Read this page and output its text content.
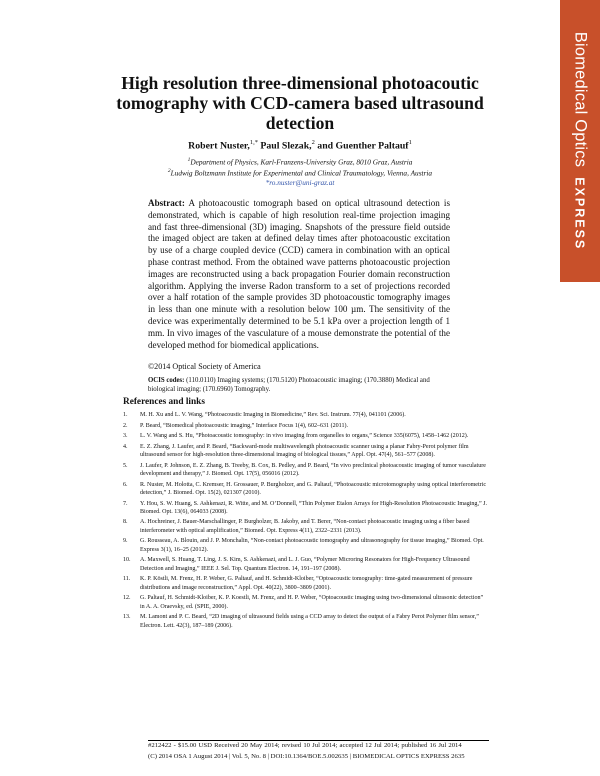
Biomedical OpticsEXPRESS
High resolution three-dimensional photoacoutic tomography with CCD-camera based ultrasound detection
Robert Nuster,$^{1,*}$ Paul Slezak,$^2$ and Guenther Paltauf$^1$
$^1$Department of Physics, Karl-Franzens-University Graz, 8010 Graz, Austria
$^2$Ludwig Boltzmann Institute for Experimental and Clinical Traumatology, Vienna, Austria
*ro.nuster@uni-graz.at
Abstract: A photoacoustic tomograph based on optical ultrasound detection is demonstrated, which is capable of high resolution real-time projection imaging and fast three-dimensional (3D) imaging. Snapshots of the pressure field outside the imaged object are taken at defined delay times after photoacoustic excitation by use of a charge coupled device (CCD) camera in combination with an optical phase contrast method. From the obtained wave patterns photoacoustic projection images are reconstructed using a back propagation Fourier domain reconstruction algorithm. Applying the inverse Radon transform to a set of projections recorded over a half rotation of the sample provides 3D photoacoustic tomography images in less than one minute with a resolution below 100 µm. The sensitivity of the device was experimentally determined to be 5.1 kPa over a projection length of 1 mm. In vivo images of the vasculature of a mouse demonstrate the potential of the developed method for biomedical applications.
©2014 Optical Society of America
OCIS codes: (110.0110) Imaging systems; (170.5120) Photoacoustic imaging; (170.3880) Medical and biological imaging; (170.6960) Tomography.
References and links
1.	M. H. Xu and L. V. Wang, “Photoacoustic Imaging in Biomedicine,” Rev. Sci. Instrum. 77(4), 041101 (2006).
2.	P. Beard, “Biomedical photoacoustic imaging,” Interface Focus 1(4), 602–631 (2011).
3.	L. V. Wang and S. Hu, “Photoacoustic tomography: in vivo imaging from organelles to organs,” Science 335(6075), 1458–1462 (2012).
4.	E. Z. Zhang, J. Laufer, and P. Beard, “Backward-mode multiwavelength photoacoustic scanner using a planar Fabry-Perot polymer film ultrasound sensor for high-resolution three-dimensional imaging of biological tissues,” Appl. Opt. 47(4), 561–577 (2008).
5.	J. Laufer, P. Johnson, E. Z. Zhang, B. Treeby, B. Cox, B. Pedley, and P. Beard, “In vivo preclinical photoacoustic imaging of tumor vasculature development and therapy,” J. Biomed. Opt. 17(5), 056016 (2012).
6.	R. Nuster, M. Holotta, C. Kremser, H. Grossauer, P. Burgholzer, and G. Paltauf, “Photoacoustic microtomography using optical interferometric detection,” J. Biomed. Opt. 15(2), 021307 (2010).
7.	Y. Hou, S. W. Huang, S. Ashkenazi, R. Witte, and M. O’Donnell, “Thin Polymer Etalon Arrays for High-Resolution Photoacoustic Imaging,” J. Biomed. Opt. 13(6), 064033 (2008).
8.	A. Hochreiner, J. Bauer-Marschallinger, P. Burgholzer, B. Jakoby, and T. Berer, “Non-contact photoacoustic imaging using a fiber based interferometer with optical amplification,” Biomed. Opt. Express 4(11), 2322–2331 (2013).
9.	G. Rousseau, A. Blouin, and J. P. Monchalin, “Non-contact photoacoustic tomography and ultrasonography for tissue imaging,” Biomed. Opt. Express 3(1), 16–25 (2012).
10.	A. Maxwell, S. Huang, T. Ling, J. S. Kim, S. Ashkenazi, and L. J. Guo, “Polymer Microring Resonators for High-Frequency Ultrasound Detection and Imaging,” IEEE J. Sel. Top. Quantum Electron. 14, 191–197 (2008).
11.	K. P. Köstli, M. Frenz, H. P. Weber, G. Paltauf, and H. Schmidt-Kloiber, “Optoacoustic tomography: time-gated measurement of pressure distributions and image reconstruction,” Appl. Opt. 40(22), 3800–3809 (2001).
12.	G. Paltauf, H. Schmidt-Kloiber, K. P. Koestli, M. Frenz, and H. P. Weber, “Optoacoustic imaging using two-dimensional ultrasonic detection” in A. A. Oraevsky, ed. (SPIE, 2000).
13.	M. Lamont and P. C. Beard, “2D imaging of ultrasound fields using a CCD array to detect the output of a Fabry Perot Polymer film sensor,” Electron. Lett. 42(3), 187–189 (2006).
#212422 - $15.00 USD Received 20 May 2014; revised 10 Jul 2014; accepted 12 Jul 2014; published 16 Jul 2014
(C) 2014 OSA 1 August 2014 | Vol. 5, No. 8 | DOI:10.1364/BOE.5.002635 | BIOMEDICAL OPTICS EXPRESS 2635
